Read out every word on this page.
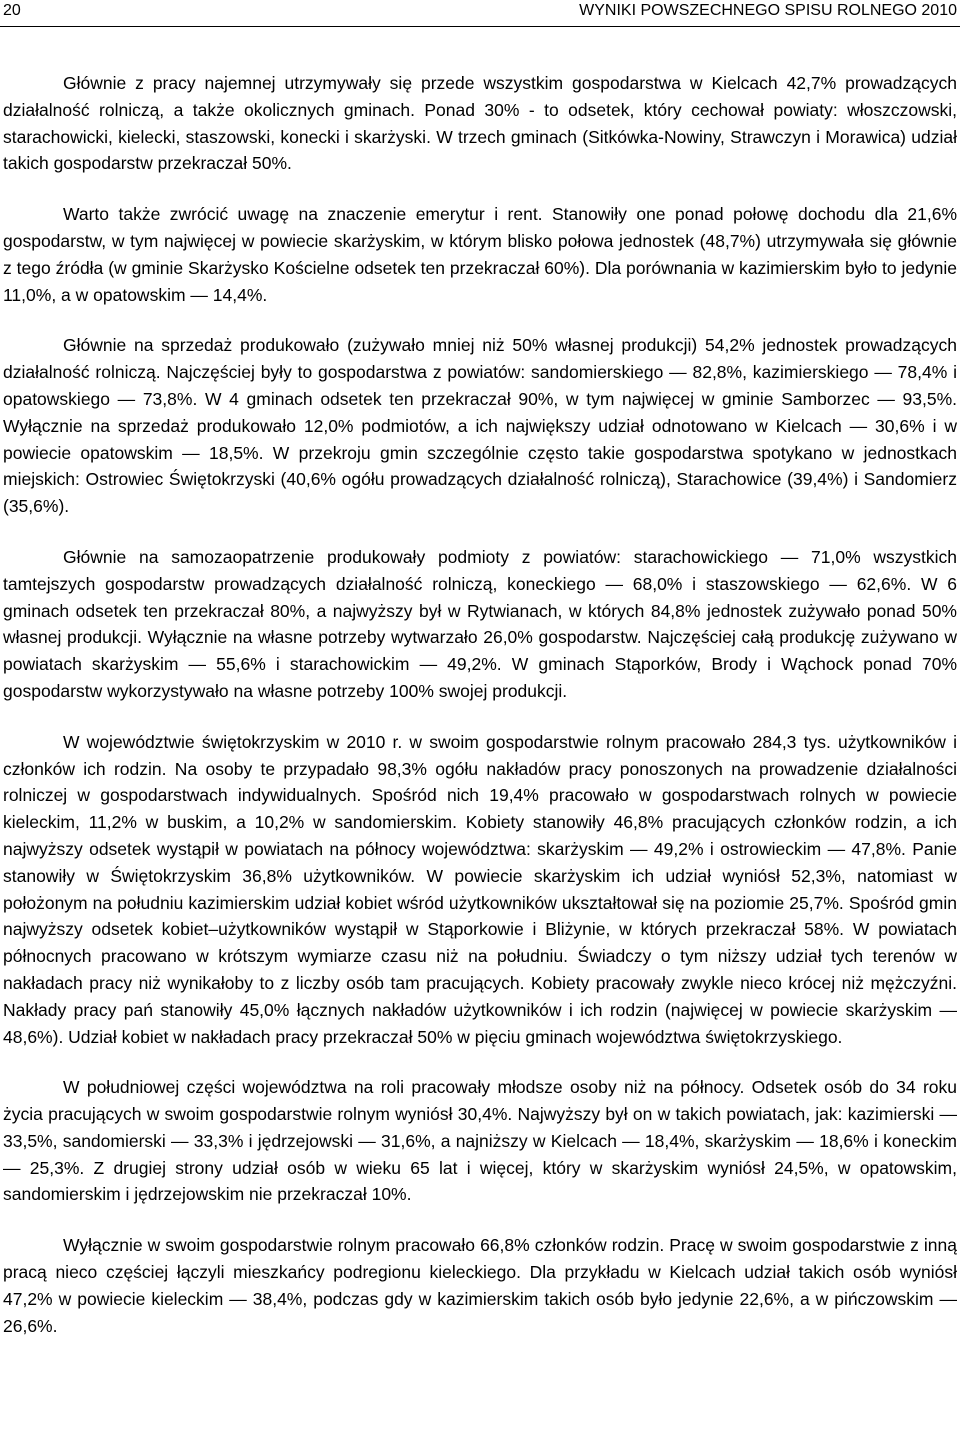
20	WYNIKI POWSZECHNEGO SPISU ROLNEGO 2010

Głównie z pracy najemnej utrzymywały się przede wszystkim gospodarstwa w Kielcach 42,7% prowadzących działalność rolniczą, a także okolicznych gminach. Ponad 30% - to odsetek, który cechował powiaty: włoszczowski, starachowicki, kielecki, staszowski, konecki i skarżyski. W trzech gminach (Sitkówka-Nowiny, Strawczyn i Morawica) udział takich gospodarstw przekraczał 50%.

Warto także zwrócić uwagę na znaczenie emerytur i rent. Stanowiły one ponad połowę dochodu dla 21,6% gospodarstw, w tym najwięcej w powiecie skarżyskim, w którym blisko połowa jednostek (48,7%) utrzymywała się głównie z tego źródła (w gminie Skarżysko Kościelne odsetek ten przekraczał 60%). Dla porównania w kazimierskim było to jedynie 11,0%, a w opatowskim — 14,4%.

Głównie na sprzedaż produkowało (zużywało mniej niż 50% własnej produkcji) 54,2% jednostek prowadzących działalność rolniczą. Najczęściej były to gospodarstwa z powiatów: sandomierskiego — 82,8%, kazimierskiego — 78,4% i opatowskiego — 73,8%. W 4 gminach odsetek ten przekraczał 90%, w tym najwięcej w gminie Samborzec — 93,5%. Wyłącznie na sprzedaż produkowało 12,0% podmiotów, a ich największy udział odnotowano w Kielcach — 30,6% i w powiecie opatowskim — 18,5%. W przekroju gmin szczególnie często takie gospodarstwa spotykano w jednostkach miejskich: Ostrowiec Świętokrzyski (40,6% ogółu prowadzących działalność rolniczą), Starachowice (39,4%) i Sandomierz (35,6%).

Głównie na samozaopatrzenie produkowały podmioty z powiatów: starachowickiego — 71,0% wszystkich tamtejszych gospodarstw prowadzących działalność rolniczą, koneckiego — 68,0% i staszowskiego — 62,6%. W 6 gminach odsetek ten przekraczał 80%, a najwyższy był w Rytwianach, w których 84,8% jednostek zużywało ponad 50% własnej produkcji. Wyłącznie na własne potrzeby wytwarzało 26,0% gospodarstw. Najczęściej całą produkcję zużywano w powiatach skarżyskim — 55,6% i starachowickim — 49,2%. W gminach Stąporków, Brody i Wąchock ponad 70% gospodarstw wykorzystywało na własne potrzeby 100% swojej produkcji.

W województwie świętokrzyskim w 2010 r. w swoim gospodarstwie rolnym pracowało 284,3 tys. użytkowników i członków ich rodzin. Na osoby te przypadało 98,3% ogółu nakładów pracy ponoszonych na prowadzenie działalności rolniczej w gospodarstwach indywidualnych. Spośród nich 19,4% pracowało w gospodarstwach rolnych w powiecie kieleckim, 11,2% w buskim, a 10,2% w sandomierskim. Kobiety stanowiły 46,8% pracujących członków rodzin, a ich najwyższy odsetek wystąpił w powiatach na północy województwa: skarżyskim — 49,2% i ostrowieckim — 47,8%. Panie stanowiły w Świętokrzyskim 36,8% użytkowników. W powiecie skarżyskim ich udział wyniósł 52,3%, natomiast w położonym na południu kazimierskim udział kobiet wśród użytkowników ukształtował się na poziomie 25,7%. Spośród gmin najwyższy odsetek kobiet–użytkowników wystąpił w Stąporkowie i Bliżynie, w których przekraczał 58%. W powiatach północnych pracowano w krótszym wymiarze czasu niż na południu. Świadczy o tym niższy udział tych terenów w nakładach pracy niż wynikałoby to z liczby osób tam pracujących. Kobiety pracowały zwykle nieco krócej niż mężczyźni. Nakłady pracy pań stanowiły 45,0% łącznych nakładów użytkowników i ich rodzin (najwięcej w powiecie skarżyskim — 48,6%). Udział kobiet w nakładach pracy przekraczał 50% w pięciu gminach województwa świętokrzyskiego.

W południowej części województwa na roli pracowały młodsze osoby niż na północy. Odsetek osób do 34 roku życia pracujących w swoim gospodarstwie rolnym wyniósł 30,4%. Najwyższy był on w takich powiatach, jak: kazimierski — 33,5%, sandomierski — 33,3% i jędrzejowski — 31,6%, a najniższy w Kielcach — 18,4%, skarżyskim — 18,6% i koneckim — 25,3%. Z drugiej strony udział osób w wieku 65 lat i więcej, który w skarżyskim wyniósł 24,5%, w opatowskim, sandomierskim i jędrzejowskim nie przekraczał 10%.

Wyłącznie w swoim gospodarstwie rolnym pracowało 66,8% członków rodzin. Pracę w swoim gospodarstwie z inną pracą nieco częściej łączyli mieszkańcy podregionu kieleckiego. Dla przykładu w Kielcach udział takich osób wyniósł 47,2% w powiecie kieleckim — 38,4%, podczas gdy w kazimierskim takich osób było jedynie 22,6%, a w pińczowskim — 26,6%.
